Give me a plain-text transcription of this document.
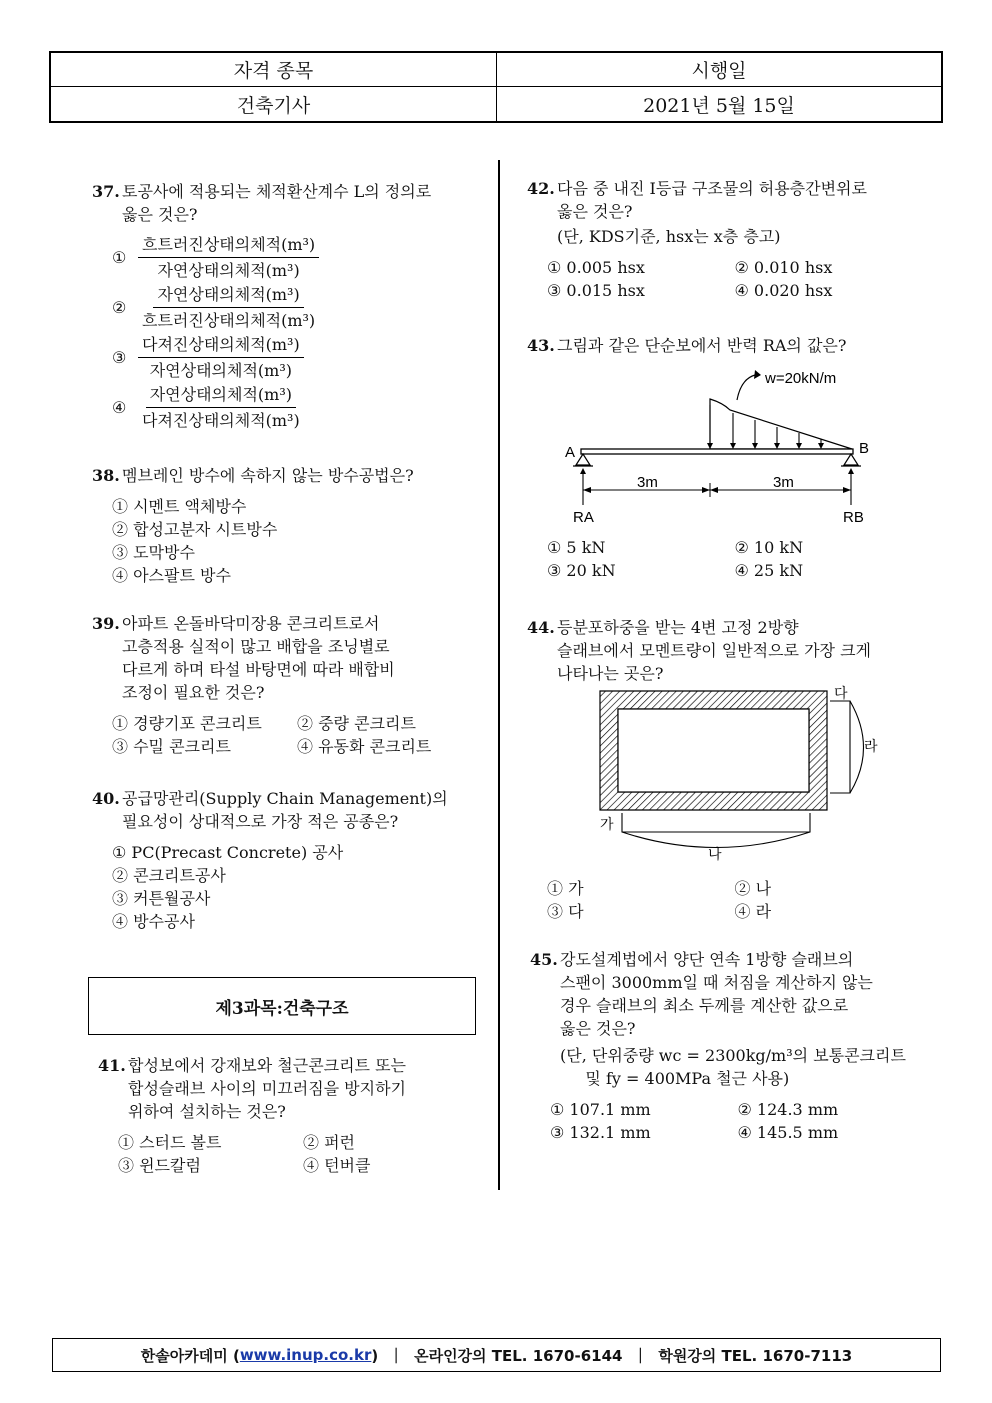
자격 종목	시행일
건축기사	2021년 5월 15일
37. 토공사에 적용되는 체적환산계수 L의 정의로
옳은 것은?
① $\frac{\text{흐트러진상태의체적(m³)}}{\text{자연상태의체적(m³)}}$
② $\frac{\text{자연상태의체적(m³)}}{\text{흐트러진상태의체적(m³)}}$
③ $\frac{\text{다져진상태의체적(m³)}}{\text{자연상태의체적(m³)}}$
④ $\frac{\text{자연상태의체적(m³)}}{\text{다져진상태의체적(m³)}}$
38. 멤브레인 방수에 속하지 않는 방수공법은?
① 시멘트 액체방수
② 합성고분자 시트방수
③ 도막방수
④ 아스팔트 방수
39. 아파트 온돌바닥미장용 콘크리트로서
고층적용 실적이 많고 배합을 조닝별로
다르게 하며 타설 바탕면에 따라 배합비
조정이 필요한 것은?
① 경량기포 콘크리트	② 중량 콘크리트
③ 수밀 콘크리트	④ 유동화 콘크리트
40. 공급망관리(Supply Chain Management)의
필요성이 상대적으로 가장 적은 공종은?
① PC(Precast Concrete) 공사
② 콘크리트공사
③ 커튼월공사
④ 방수공사
제3과목:건축구조
41. 합성보에서 강재보와 철근콘크리트 또는
합성슬래브 사이의 미끄러짐을 방지하기
위하여 설치하는 것은?
① 스터드 볼트	② 퍼런
③ 윈드칼럼	④ 턴버클
42. 다음 중 내진 I등급 구조물의 허용층간변위로
옳은 것은?
(단, KDS기준, hsx는 x층 층고)
① 0.005 hsx	② 0.010 hsx
③ 0.015 hsx	④ 0.020 hsx
43. 그림과 같은 단순보에서 반력 RA의 값은?
w=20kN/m
A	B
3m	3m
RA	RB
① 5 kN	② 10 kN
③ 20 kN	④ 25 kN
44. 등분포하중을 받는 4변 고정 2방향
슬래브에서 모멘트량이 일반적으로 가장 크게
나타나는 곳은?
다
라
가
나
① 가	② 나
③ 다	④ 라
45. 강도설계법에서 양단 연속 1방향 슬래브의
스팬이 3000mm일 때 처짐을 계산하지 않는
경우 슬래브의 최소 두께를 계산한 값으로
옳은 것은?
(단, 단위중량 wc = 2300kg/m³의 보통콘크리트
및 fy = 400MPa 철근 사용)
① 107.1 mm	② 124.3 mm
③ 132.1 mm	④ 145.5 mm
한솔아카데미 ( www.inup.co.kr )  ｜  온라인강의 TEL. 1670-6144  ｜  학원강의 TEL. 1670-7113
